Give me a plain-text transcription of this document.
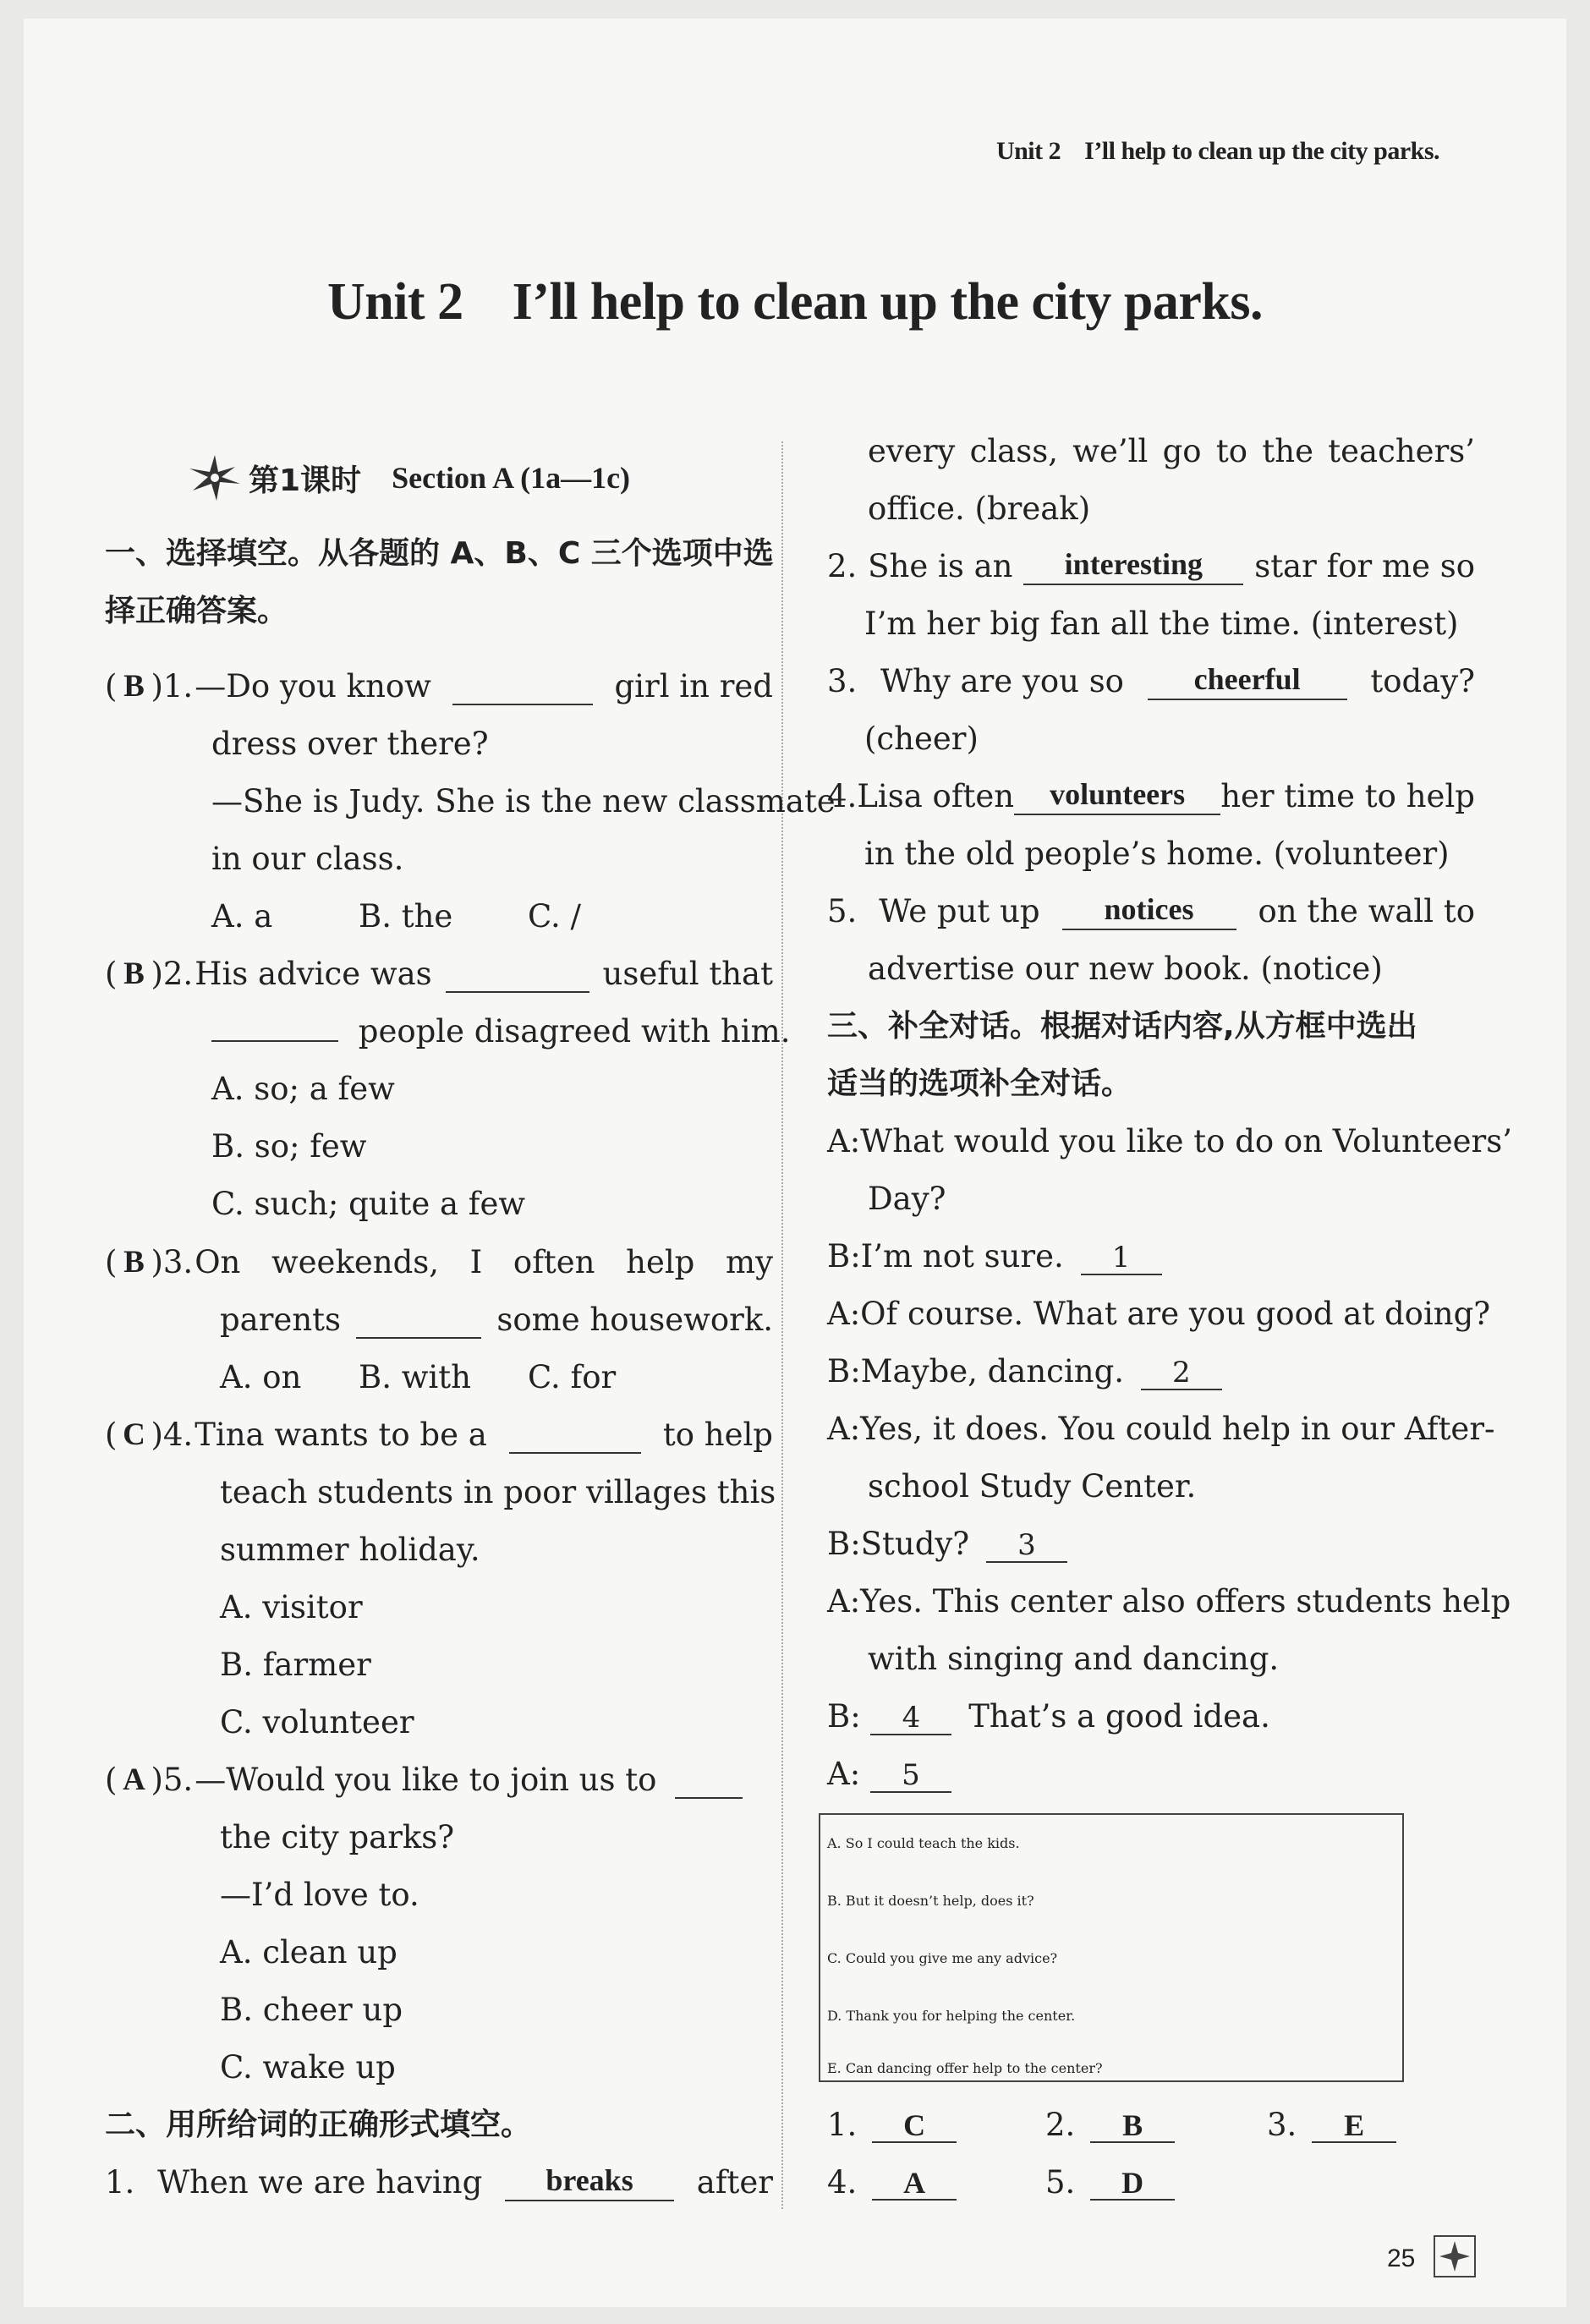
Unit 2 I’ll help to clean up the city parks.
Unit 2 I’ll help to clean up the city parks.
第1课时 Section A (1a—1c)
一、选择填空。从各题的 A、B、C 三个选项中选
择正确答案。
( B )1. —Do you know	girl in red
dress over there?
—She is Judy. She is the new classmate
in our class.
A. a	B. the C. /
( B )2. His advice was	useful that
people disagreed with him.
A. so; a few
B. so; few
C. such; quite a few
( B )3. On weekends, I often help my
parents	some housework.
A. on B. with C. for
( C )4. Tina wants to be a	to help
teach students in poor villages this
summer holiday.
A. visitor
B. farmer
C. volunteer
( A )5. —Would you like to join us to
the city parks?
—I’d love to.
A. clean up
B. cheer up
C. wake up
二、用所给词的正确形式填空。
1. When we are having	breaks	after
every class, we’ll go to the teachers’
office. (break)
2. She is an	interesting	star for me so
I’m her big fan all the time. (interest)
3. Why are you so	cheerful	today?
(cheer)
4. Lisa often	volunteers	her time to help
in the old people’s home. (volunteer)
5. We put up	notices	on the wall to
advertise our new book. (notice)
三、补全对话。根据对话内容,从方框中选出
适当的选项补全对话。
A:What would you like to do on Volunteers’
Day?
B:I’m not sure. 1
A:Of course. What are you good at doing?
B:Maybe, dancing. 2
A:Yes, it does. You could help in our After-
school Study Center.
B:Study? 3
A:Yes. This center also offers students help
with singing and dancing.
B: 4 That’s a good idea.
A: 5
1. C	2. B	3. E
4. A	5. D
A. So I could teach the kids.
B. But it doesn’t help, does it?
C. Could you give me any advice?
D. Thank you for helping the center.
E. Can dancing offer help to the center?
25
